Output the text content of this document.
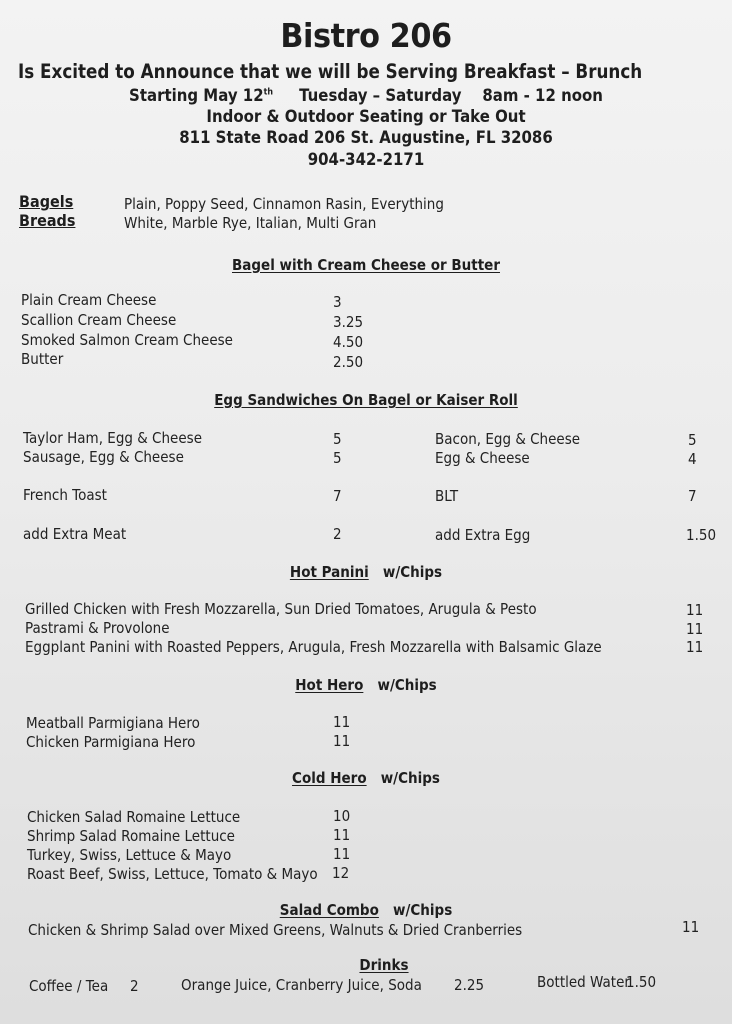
Bistro 206
Is Excited to Announce that we will be Serving Breakfast – Brunch
Starting May 12th Tuesday – Saturday 8am - 12 noon
Indoor & Outdoor Seating or Take Out
811 State Road 206 St. Augustine, FL 32086
904-342-2171
Bagels	Plain, Poppy Seed, Cinnamon Rasin, Everything
Breads	White, Marble Rye, Italian, Multi Gran
Bagel with Cream Cheese or Butter
Plain Cream Cheese	3
Scallion Cream Cheese	3.25
Smoked Salmon Cream Cheese	4.50
Butter	2.50
Egg Sandwiches On Bagel or Kaiser Roll
Taylor Ham, Egg & Cheese	5
Sausage, Egg & Cheese	5
French Toast	7
add Extra Meat	2
Bacon, Egg & Cheese	5
Egg & Cheese	4
BLT	7
add Extra Egg	1.50
Hot Panini w/Chips
Grilled Chicken with Fresh Mozzarella, Sun Dried Tomatoes, Arugula & Pesto	11
Pastrami & Provolone	11
Eggplant Panini with Roasted Peppers, Arugula, Fresh Mozzarella with Balsamic Glaze	11
Hot Hero w/Chips
Meatball Parmigiana Hero	11
Chicken Parmigiana Hero	11
Cold Hero w/Chips
Chicken Salad Romaine Lettuce	10
Shrimp Salad Romaine Lettuce	11
Turkey, Swiss, Lettuce & Mayo	11
Roast Beef, Swiss, Lettuce, Tomato & Mayo 12
Salad Combo w/Chips
Chicken & Shrimp Salad over Mixed Greens, Walnuts & Dried Cranberries	11
Drinks
Coffee / Tea 2	Orange Juice, Cranberry Juice, Soda 2.25	Bottled Water
1.50
